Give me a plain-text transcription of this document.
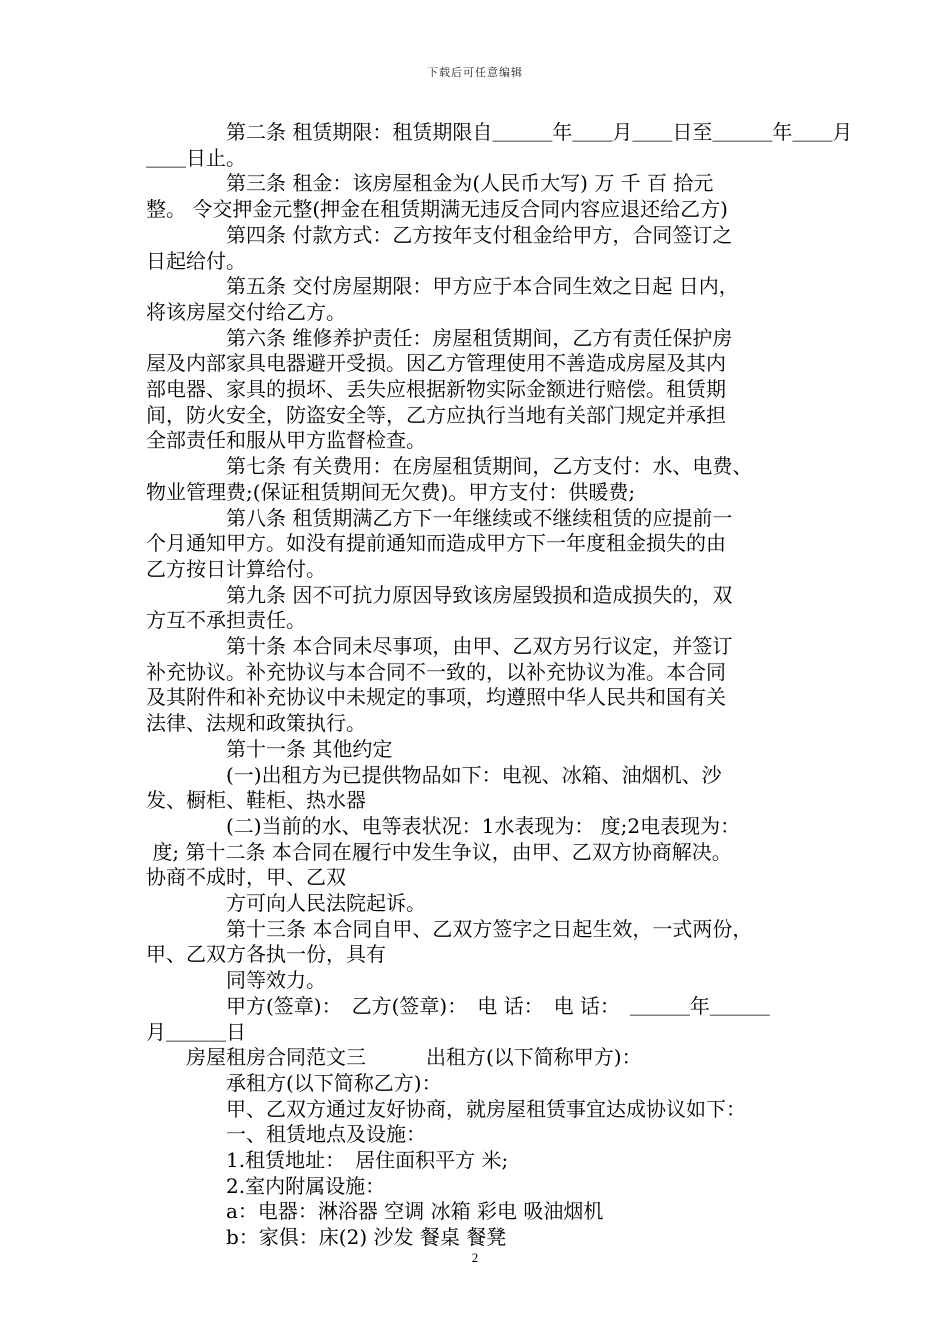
下载后可任意编辑
　　　　第二条 租赁期限：租赁期限自＿＿＿年＿＿月＿＿日至＿＿＿年＿＿月
＿＿日止。
　　　　第三条 租金：该房屋租金为(人民币大写) 万 千 百 拾元
整。 令交押金元整(押金在租赁期满无违反合同内容应退还给乙方)
　　　　第四条 付款方式：乙方按年支付租金给甲方，合同签订之
日起给付。
　　　　第五条 交付房屋期限：甲方应于本合同生效之日起 日内，
将该房屋交付给乙方。
　　　　第六条 维修养护责任：房屋租赁期间，乙方有责任保护房
屋及内部家具电器避开受损。因乙方管理使用不善造成房屋及其内
部电器、家具的损坏、丢失应根据新物实际金额进行赔偿。租赁期
间，防火安全，防盗安全等，乙方应执行当地有关部门规定并承担
全部责任和服从甲方监督检查。
　　　　第七条 有关费用：在房屋租赁期间，乙方支付：水、电费、
物业管理费;(保证租赁期间无欠费)。甲方支付：供暖费;
　　　　第八条 租赁期满乙方下一年继续或不继续租赁的应提前一
个月通知甲方。如没有提前通知而造成甲方下一年度租金损失的由
乙方按日计算给付。
　　　　第九条 因不可抗力原因导致该房屋毁损和造成损失的，双
方互不承担责任。
　　　　第十条 本合同未尽事项，由甲、乙双方另行议定，并签订
补充协议。补充协议与本合同不一致的，以补充协议为准。本合同
及其附件和补充协议中未规定的事项，均遵照中华人民共和国有关
法律、法规和政策执行。
　　　　第十一条 其他约定
　　　　(一)出租方为已提供物品如下：电视、冰箱、油烟机、沙
发、橱柜、鞋柜、热水器
　　　　(二)当前的水、电等表状况：1水表现为： 度;2电表现为：
度; 第十二条 本合同在履行中发生争议，由甲、乙双方协商解决。
协商不成时，甲、乙双
　　　　方可向人民法院起诉。
　　　　第十三条 本合同自甲、乙双方签字之日起生效，一式两份，
甲、乙双方各执一份，具有
　　　　同等效力。
　　　　甲方(签章)：　乙方(签章)：　电 话：　电 话：　＿＿＿年＿＿＿
月＿＿＿日
　　房屋租房合同范文三　　　出租方(以下简称甲方)：
　　　　承租方(以下简称乙方)：
　　　　甲、乙双方通过友好协商，就房屋租赁事宜达成协议如下：
　　　　一、租赁地点及设施：
　　　　1.租赁地址：　居住面积平方 米;
　　　　2.室内附属设施：
　　　　a：电器：淋浴器 空调 冰箱 彩电 吸油烟机
　　　　b：家俱：床(2) 沙发 餐桌 餐凳
2
